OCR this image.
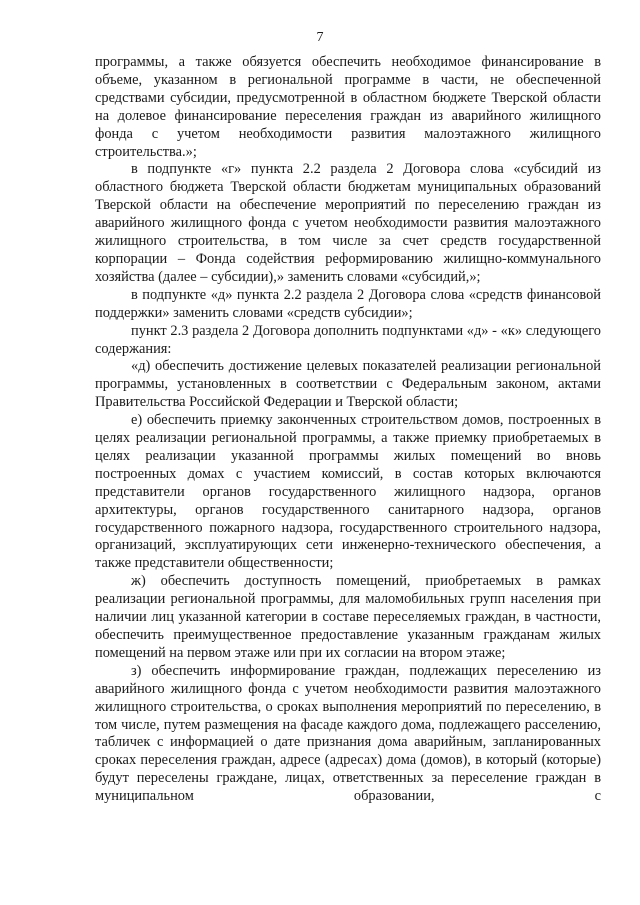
7

программы, а также обязуется обеспечить необходимое финансирование в объеме, указанном в региональной программе в части, не обеспеченной средствами субсидии, предусмотренной в областном бюджете Тверской области на долевое финансирование переселения граждан из аварийного жилищного фонда с учетом необходимости развития малоэтажного жилищного строительства.»;

в подпункте «г» пункта 2.2 раздела 2 Договора слова «субсидий из областного бюджета Тверской области бюджетам муниципальных образований Тверской области на обеспечение мероприятий по переселению граждан из аварийного жилищного фонда с учетом необходимости развития малоэтажного жилищного строительства, в том числе за счет средств государственной корпорации – Фонда содействия реформированию жилищно-коммунального хозяйства (далее – субсидии),» заменить словами «субсидий,»;

в подпункте «д» пункта 2.2 раздела 2 Договора слова «средств финансовой поддержки» заменить словами «средств субсидии»;

пункт 2.3 раздела 2 Договора дополнить подпунктами «д» - «к» следующего содержания:

«д) обеспечить достижение целевых показателей реализации региональной программы, установленных в соответствии с Федеральным законом, актами Правительства Российской Федерации и Тверской области;

е) обеспечить приемку законченных строительством домов, построенных в целях реализации региональной программы, а также приемку приобретаемых в целях реализации указанной программы жилых помещений во вновь построенных домах с участием комиссий, в состав которых включаются представители органов государственного жилищного надзора, органов архитектуры, органов государственного санитарного надзора, органов государственного пожарного надзора, государственного строительного надзора, организаций, эксплуатирующих сети инженерно-технического обеспечения, а также представители общественности;

ж) обеспечить доступность помещений, приобретаемых в рамках реализации региональной программы, для маломобильных групп населения при наличии лиц указанной категории в составе переселяемых граждан, в частности, обеспечить преимущественное предоставление указанным гражданам жилых помещений на первом этаже или при их согласии на втором этаже;

з) обеспечить информирование граждан, подлежащих переселению из аварийного жилищного фонда с учетом необходимости развития малоэтажного жилищного строительства, о сроках выполнения мероприятий по переселению, в том числе, путем размещения на фасаде каждого дома, подлежащего расселению, табличек с информацией о дате признания дома аварийным, запланированных сроках переселения граждан, адресе (адресах) дома (домов), в который (которые) будут переселены граждане, лицах, ответственных за переселение граждан в муниципальном образовании, с
